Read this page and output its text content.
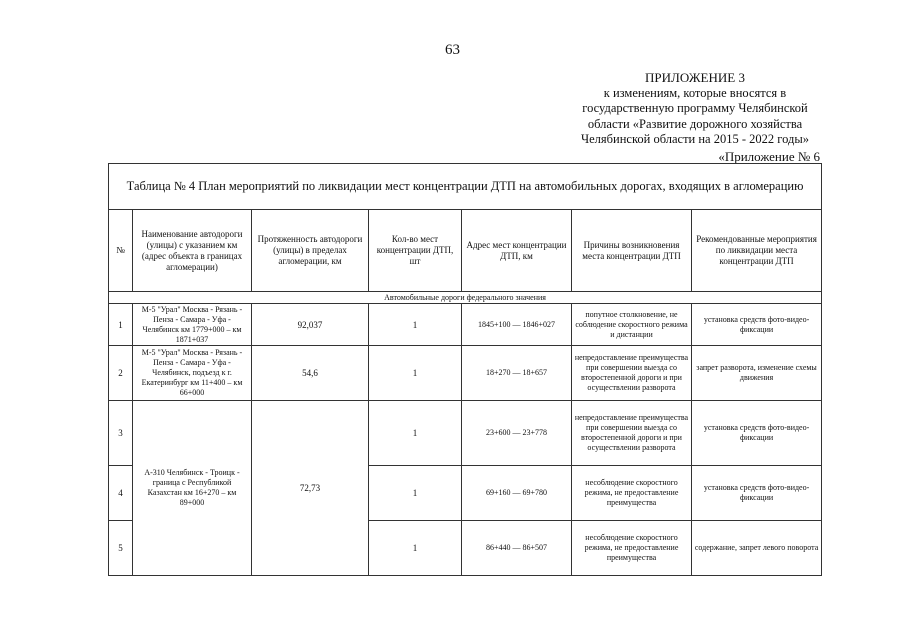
63
ПРИЛОЖЕНИЕ 3
к изменениям, которые вносятся в
государственную программу Челябинской
области «Развитие дорожного хозяйства
Челябинской области на 2015 - 2022 годы»
«Приложение № 6
Таблица № 4 План мероприятий по ликвидации мест концентрации ДТП на автомобильных дорогах, входящих в агломерацию						
№	Наименование автодороги (улицы) с указанием км (адрес объекта в границах агломерации)	Протяженность автодороги (улицы) в пределах агломерации, км	Кол-во мест концентрации ДТП, шт	Адрес мест концентрации ДТП, км	Причины возникновения места концентрации ДТП	Рекомендованные мероприятия по ликвидации места концентрации ДТП
Автомобильные дороги федерального значения						
1	М-5 "Урал" Москва - Рязань - Пенза - Самара - Уфа - Челябинск км 1779+000 – км 1871+037	92,037	1	1845+100 — 1846+027	попутное столкновение, не соблюдение скоростного режима и дистанции	установка средств фото-видео-фиксации
2	М-5 "Урал" Москва - Рязань - Пенза - Самара - Уфа - Челябинск, подъезд к г. Екатеринбург км 11+400 – км 66+000	54,6	1	18+270 — 18+657	непредоставление преимущества при совершении выезда со второстепенной дороги и при осуществлении разворота	запрет разворота, изменение схемы движения
3	А-310 Челябинск - Троицк - граница с Республикой Казахстан км 16+270 – км 89+000	72,73	1	23+600 — 23+778	непредоставление преимущества при совершении выезда со второстепенной дороги и при осуществлении разворота	установка средств фото-видео-фиксации
4			1	69+160 — 69+780	несоблюдение скоростного режима, не предоставление преимущества	установка средств фото-видео-фиксации
5			1	86+440 — 86+507	несоблюдение скоростного режима, не предоставление преимущества	содержание, запрет левого поворота
